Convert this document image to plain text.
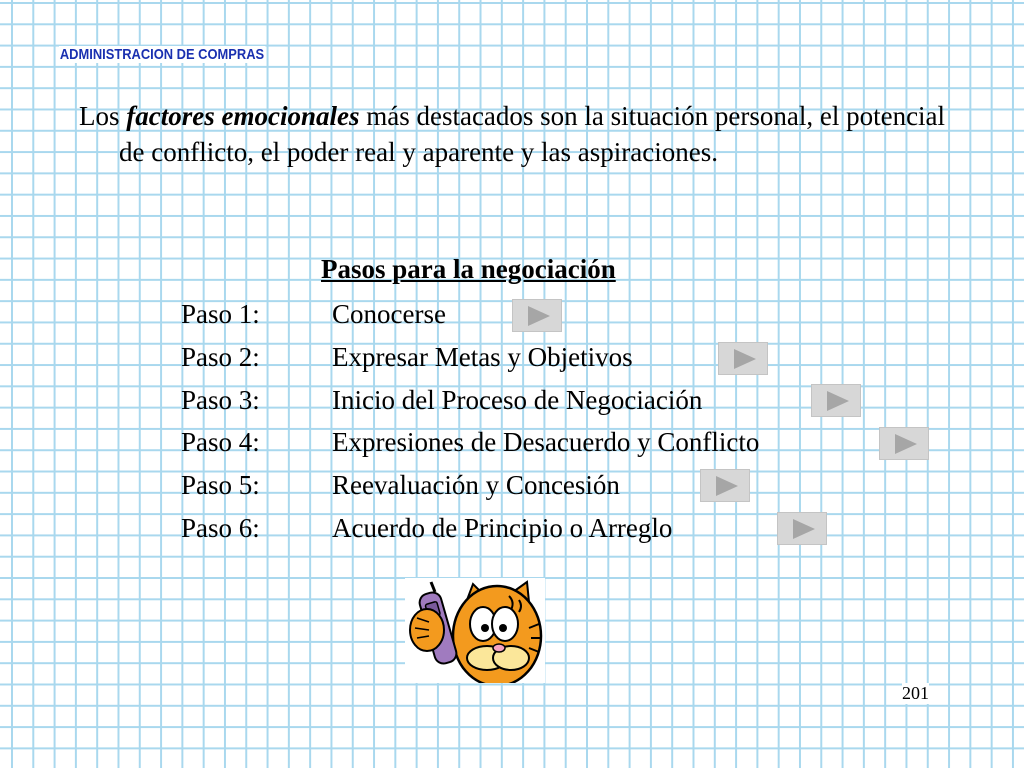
ADMINISTRACION DE COMPRAS

Los factores emocionales más destacados son la situación personal, el potencial de conflicto, el poder real y aparente y las aspiraciones.

Pasos para la negociación
Paso 1:	Conocerse
Paso 2:	Expresar Metas y Objetivos
Paso 3:	Inicio del Proceso de Negociación
Paso 4:	Expresiones de Desacuerdo y Conflicto
Paso 5:	Reevaluación y Concesión
Paso 6:	Acuerdo de Principio o Arreglo
201
